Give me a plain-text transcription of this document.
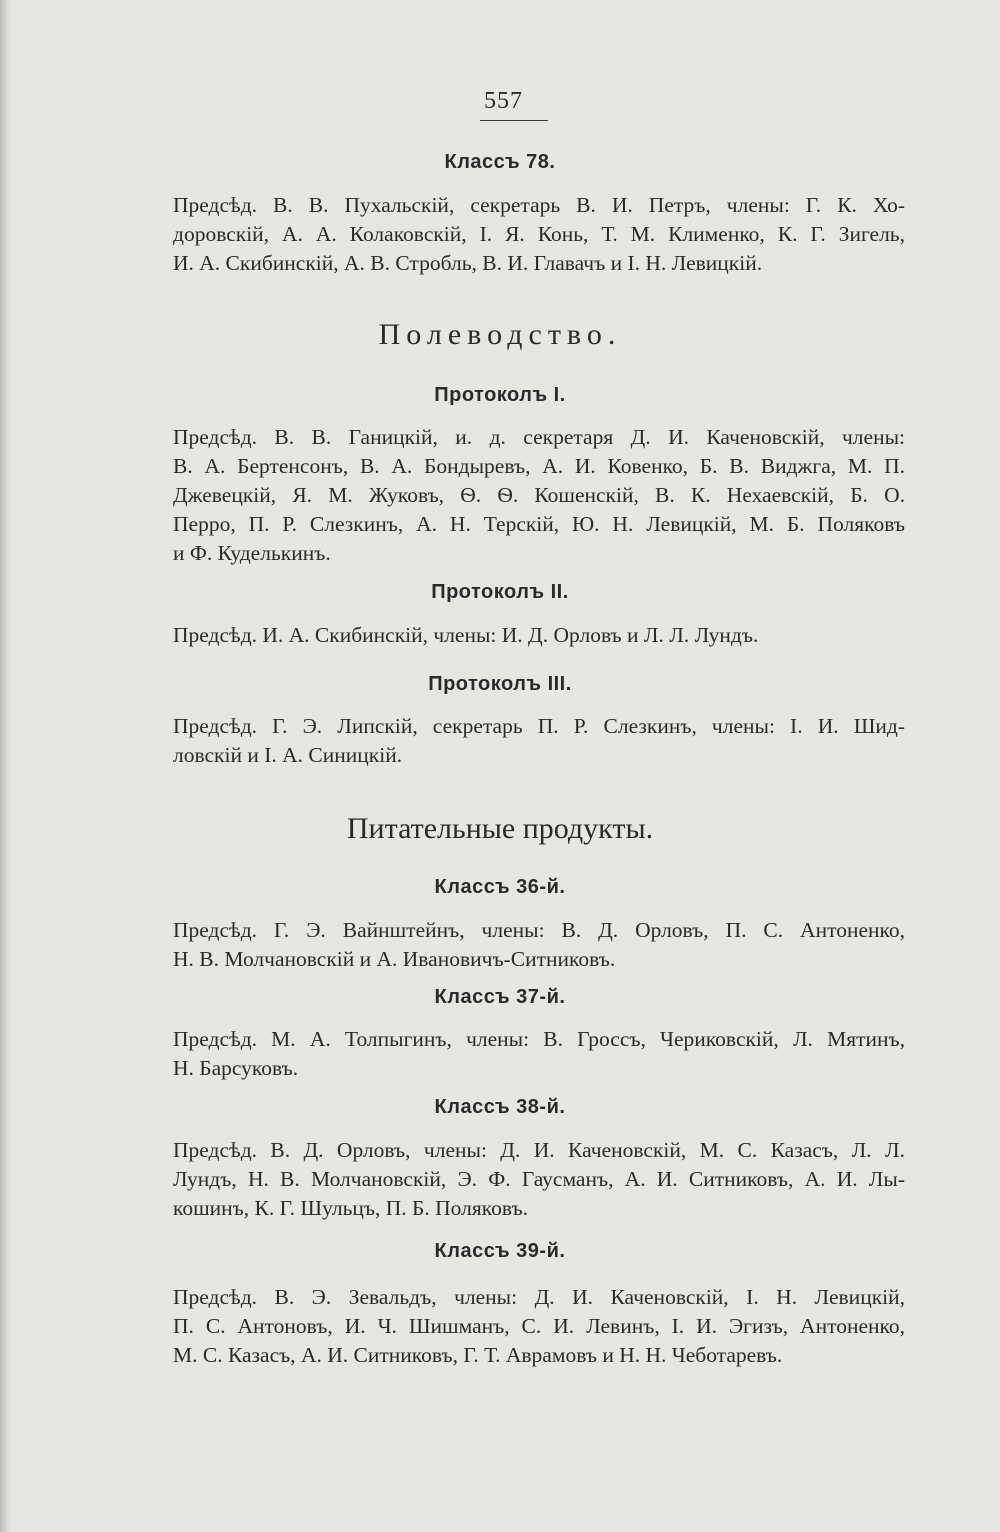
557
Классъ 78.
Предсѣд. В. В. Пухальскій, секретарь В. И. Петръ, члены: Г. К. Хо-
доровскій, А. А. Колаковскій, І. Я. Конь, Т. М. Клименко, К. Г. Зигель,
И. А. Скибинскій, А. В. Стробль, В. И. Главачъ и І. Н. Левицкій.
Полеводство.
Протоколъ І.
Предсѣд. В. В. Ганицкій, и. д. секретаря Д. И. Каченовскій, члены:
В. А. Бертенсонъ, В. А. Бондыревъ, А. И. Ковенко, Б. В. Виджга, М. П.
Джевецкій, Я. М. Жуковъ, Ѳ. Ѳ. Кошенскій, В. К. Нехаевскій, Б. О.
Перро, П. Р. Слезкинъ, А. Н. Терскій, Ю. Н. Левицкій, М. Б. Поляковъ
и Ф. Куделькинъ.
Протоколъ II.
Предсѣд. И. А. Скибинскій, члены: И. Д. Орловъ и Л. Л. Лундъ.
Протоколъ III.
Предсѣд. Г. Э. Липскій, секретарь П. Р. Слезкинъ, члены: І. И. Шид-
ловскій и І. А. Синицкій.
Питательные продукты.
Классъ 36-й.
Предсѣд. Г. Э. Вайнштейнъ, члены: В. Д. Орловъ, П. С. Антоненко,
Н. В. Молчановскій и А. Ивановичъ-Ситниковъ.
Классъ 37-й.
Предсѣд. М. А. Толпыгинъ, члены: В. Гроссъ, Чериковскій, Л. Мятинъ,
Н. Барсуковъ.
Классъ 38-й.
Предсѣд. В. Д. Орловъ, члены: Д. И. Каченовскій, М. С. Казасъ, Л. Л.
Лундъ, Н. В. Молчановскій, Э. Ф. Гаусманъ, А. И. Ситниковъ, А. И. Лы-
кошинъ, К. Г. Шульцъ, П. Б. Поляковъ.
Классъ 39-й.
Предсѣд. В. Э. Зевальдъ, члены: Д. И. Каченовскій, І. Н. Левицкій,
П. С. Антоновъ, И. Ч. Шишманъ, С. И. Левинъ, І. И. Эгизъ, Антоненко,
М. С. Казасъ, А. И. Ситниковъ, Г. Т. Аврамовъ и Н. Н. Чеботаревъ.
